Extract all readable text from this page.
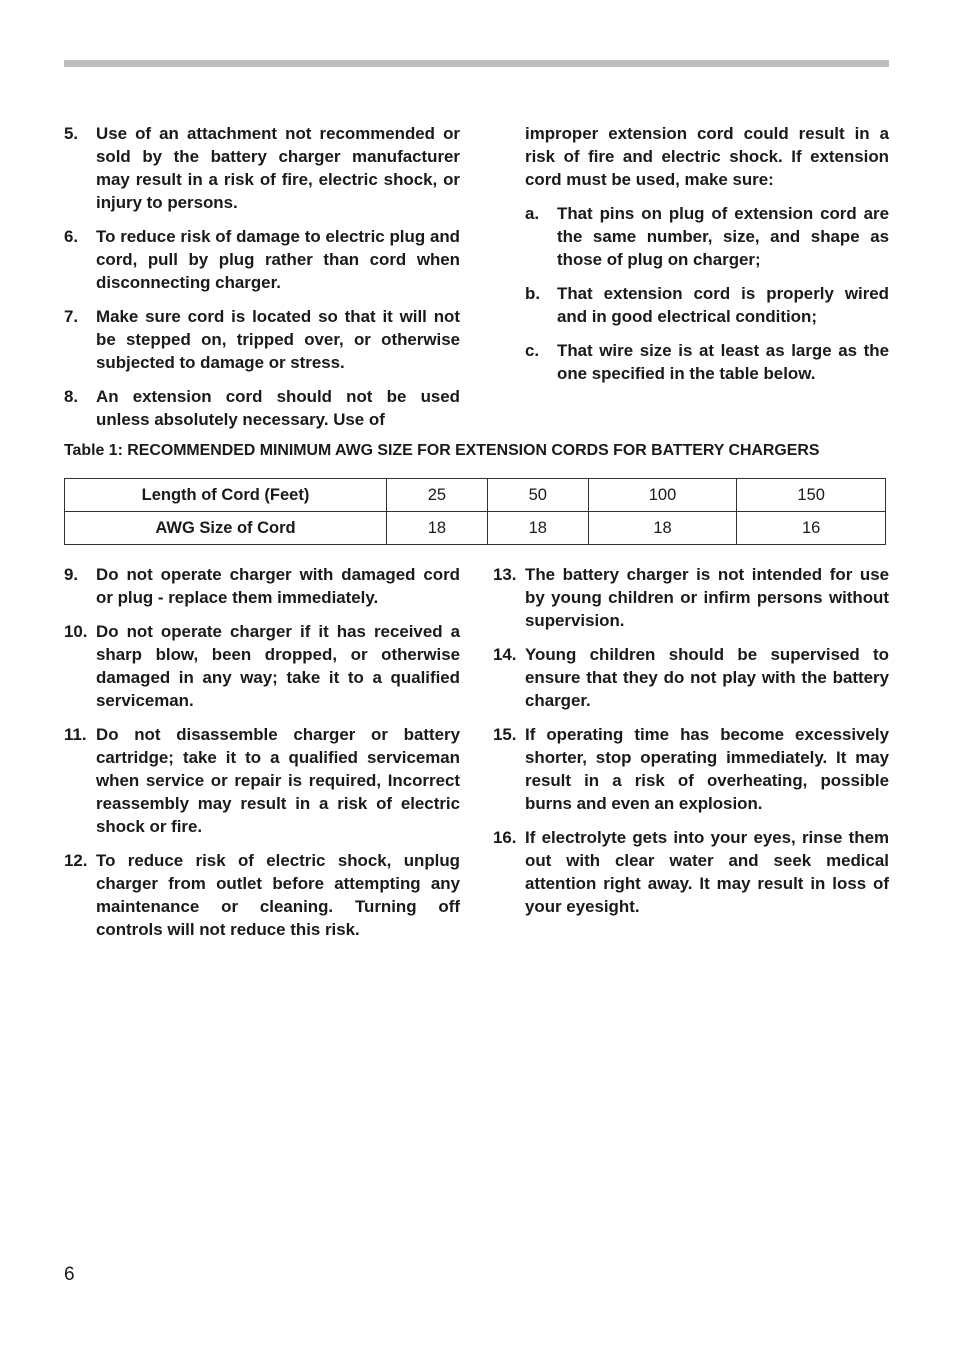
5. Use of an attachment not recommended or sold by the battery charger manufacturer may result in a risk of fire, electric shock, or injury to persons.
6. To reduce risk of damage to electric plug and cord, pull by plug rather than cord when disconnecting charger.
7. Make sure cord is located so that it will not be stepped on, tripped over, or otherwise subjected to damage or stress.
8. An extension cord should not be used unless absolutely necessary. Use of
improper extension cord could result in a risk of fire and electric shock. If extension cord must be used, make sure:
a. That pins on plug of extension cord are the same number, size, and shape as those of plug on charger;
b. That extension cord is properly wired and in good electrical condition;
c. That wire size is at least as large as the one specified in the table below.
Table 1: RECOMMENDED MINIMUM AWG SIZE FOR EXTENSION CORDS FOR BATTERY CHARGERS
Length of Cord (Feet)	25	50	100	150
AWG Size of Cord	18	18	18	16
9. Do not operate charger with damaged cord or plug - replace them immediately.
10. Do not operate charger if it has received a sharp blow, been dropped, or otherwise damaged in any way; take it to a qualified serviceman.
11. Do not disassemble charger or battery cartridge; take it to a qualified serviceman when service or repair is required, Incorrect reassembly may result in a risk of electric shock or fire.
12. To reduce risk of electric shock, unplug charger from outlet before attempting any maintenance or cleaning. Turning off controls will not reduce this risk.
13. The battery charger is not intended for use by young children or infirm persons without supervision.
14. Young children should be supervised to ensure that they do not play with the battery charger.
15. If operating time has become excessively shorter, stop operating immediately. It may result in a risk of overheating, possible burns and even an explosion.
16. If electrolyte gets into your eyes, rinse them out with clear water and seek medical attention right away. It may result in loss of your eyesight.
6
